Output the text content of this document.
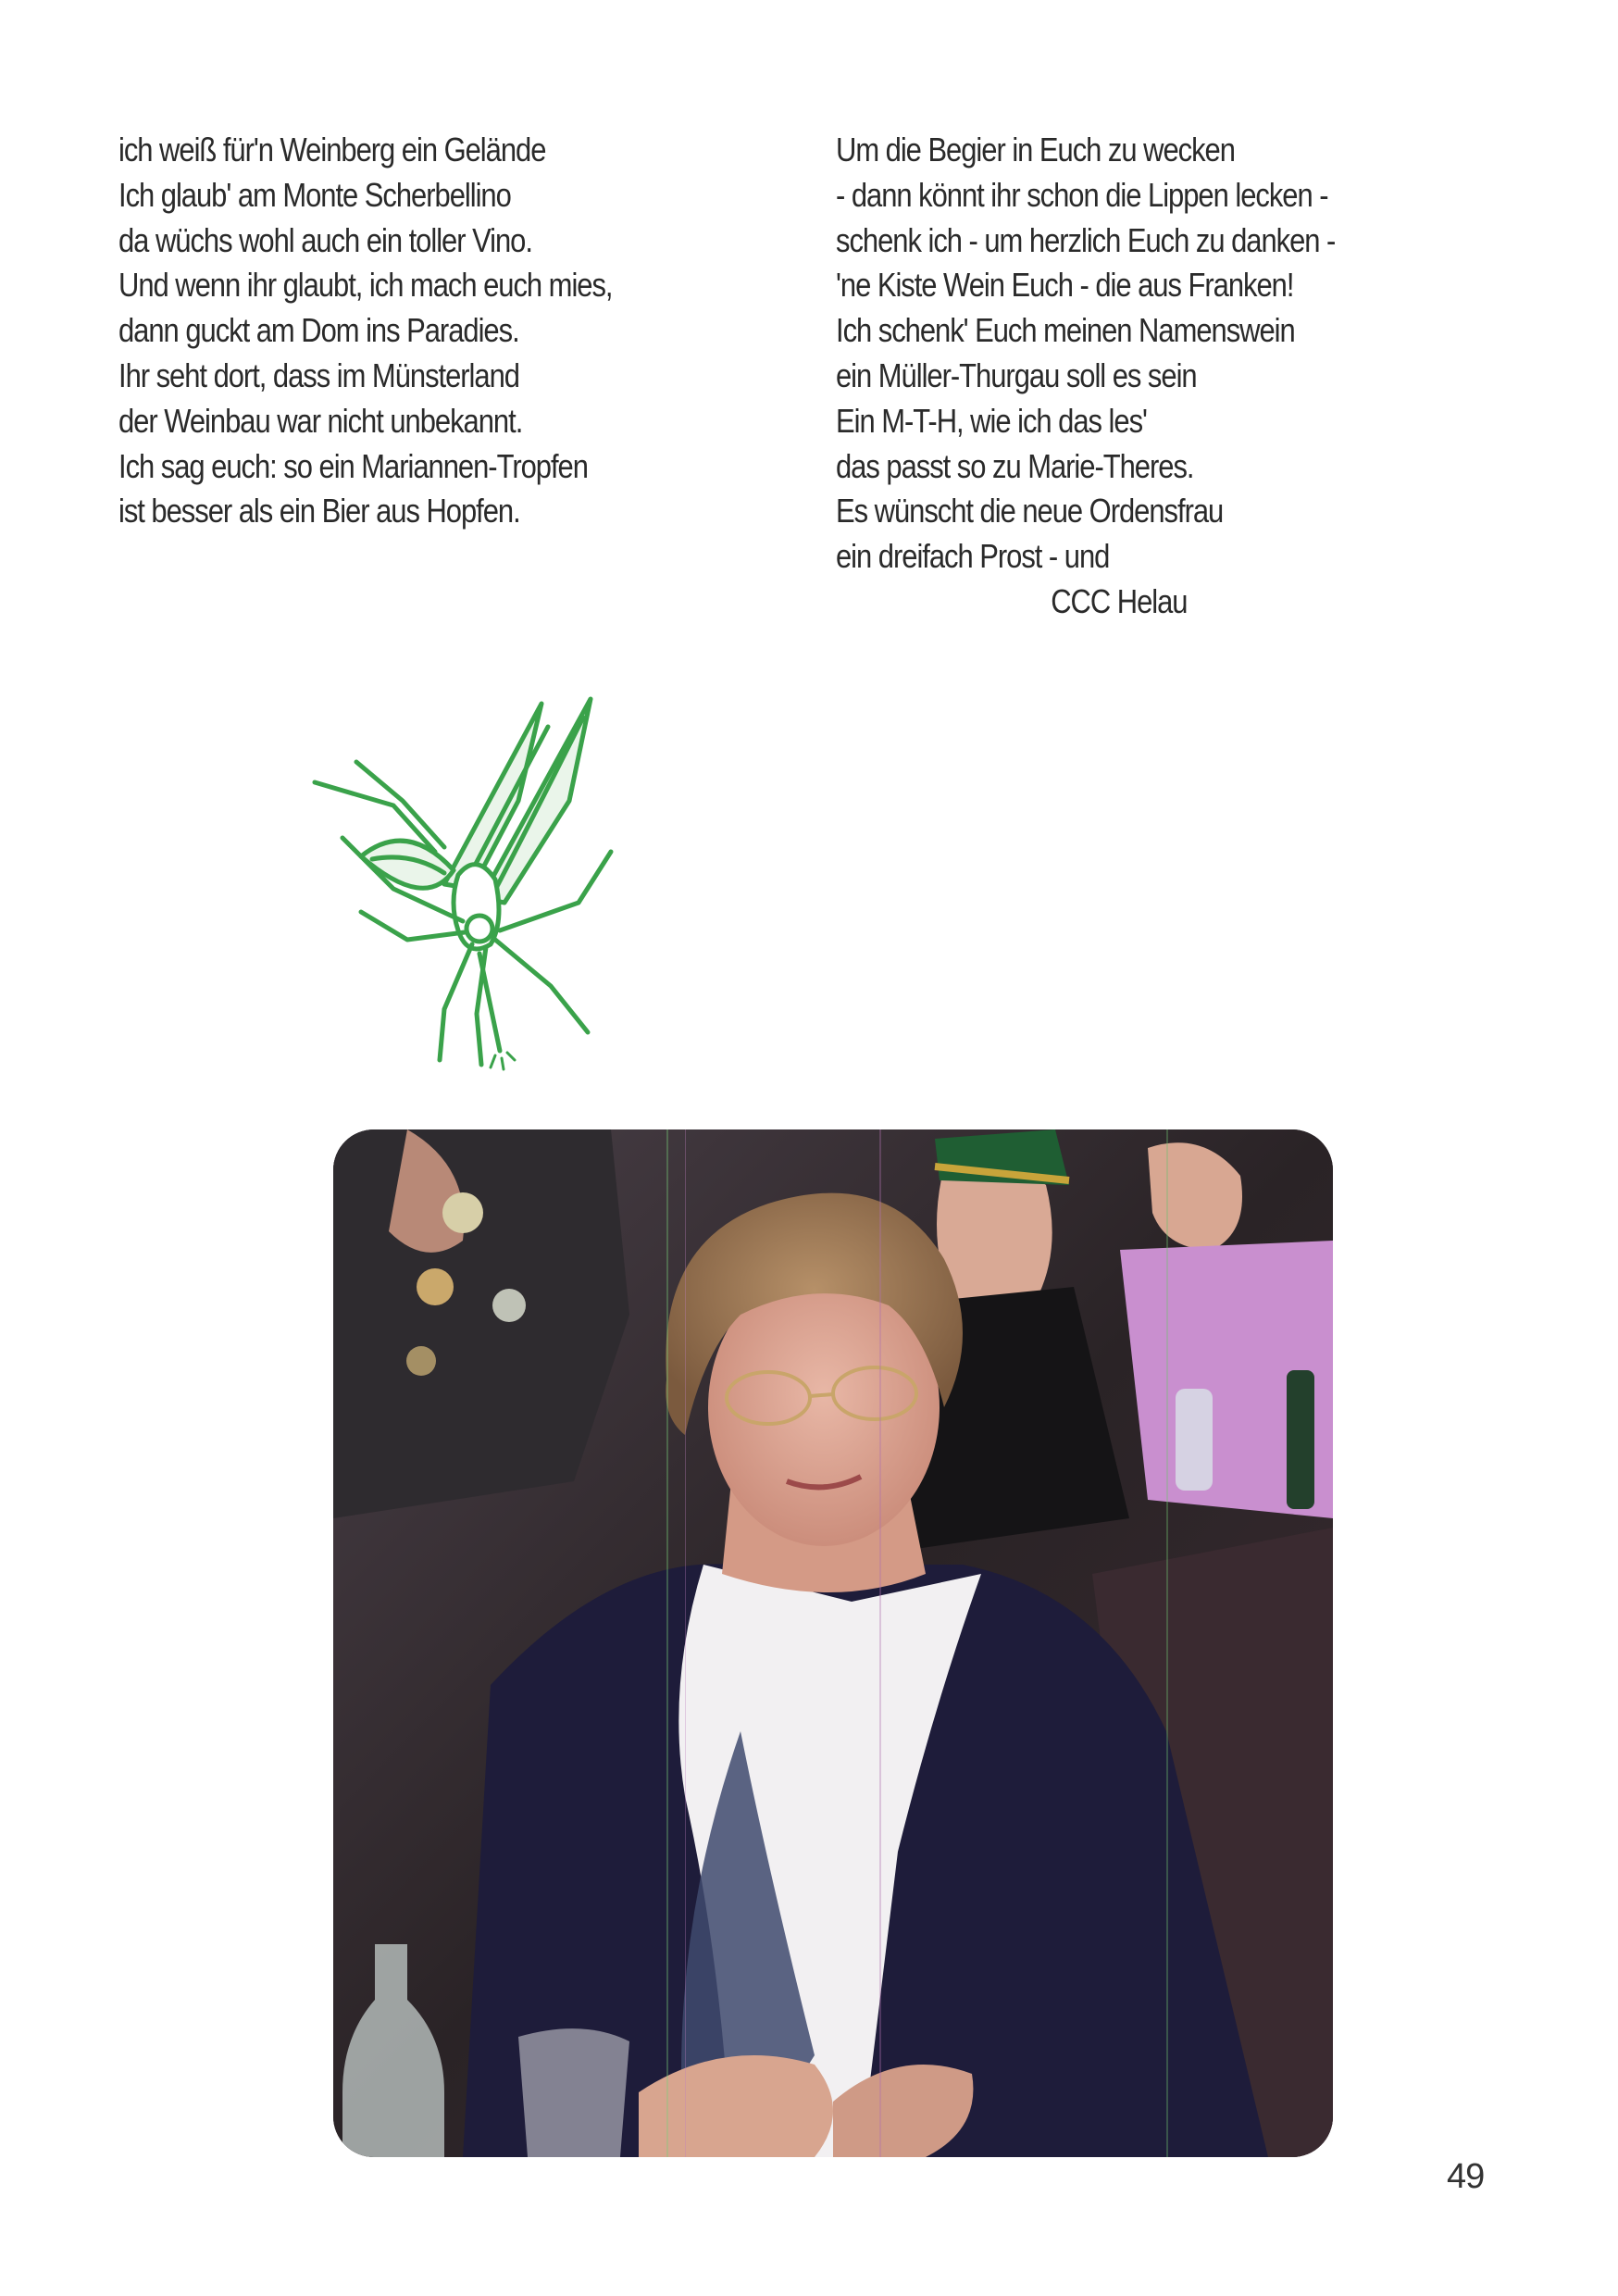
ich weiß für'n Weinberg ein Gelände
Ich glaub' am Monte Scherbellino
da wüchs wohl auch ein toller Vino.
Und wenn ihr glaubt, ich mach euch mies,
dann guckt am Dom ins Paradies.
Ihr seht dort, dass im Münsterland
der Weinbau war nicht unbekannt.
Ich sag euch: so ein Mariannen-Tropfen
ist besser als ein Bier aus Hopfen.
Um die Begier in Euch zu wecken
- dann könnt ihr schon die Lippen lecken -
schenk ich - um herzlich Euch zu danken -
'ne Kiste Wein Euch - die aus Franken!
Ich schenk' Euch meinen Namenswein
ein Müller-Thurgau soll es sein
Ein M-T-H, wie ich das les'
das passt so zu Marie-Theres.
Es wünscht die neue Ordensfrau
ein dreifach Prost - und
CCC Helau
49
